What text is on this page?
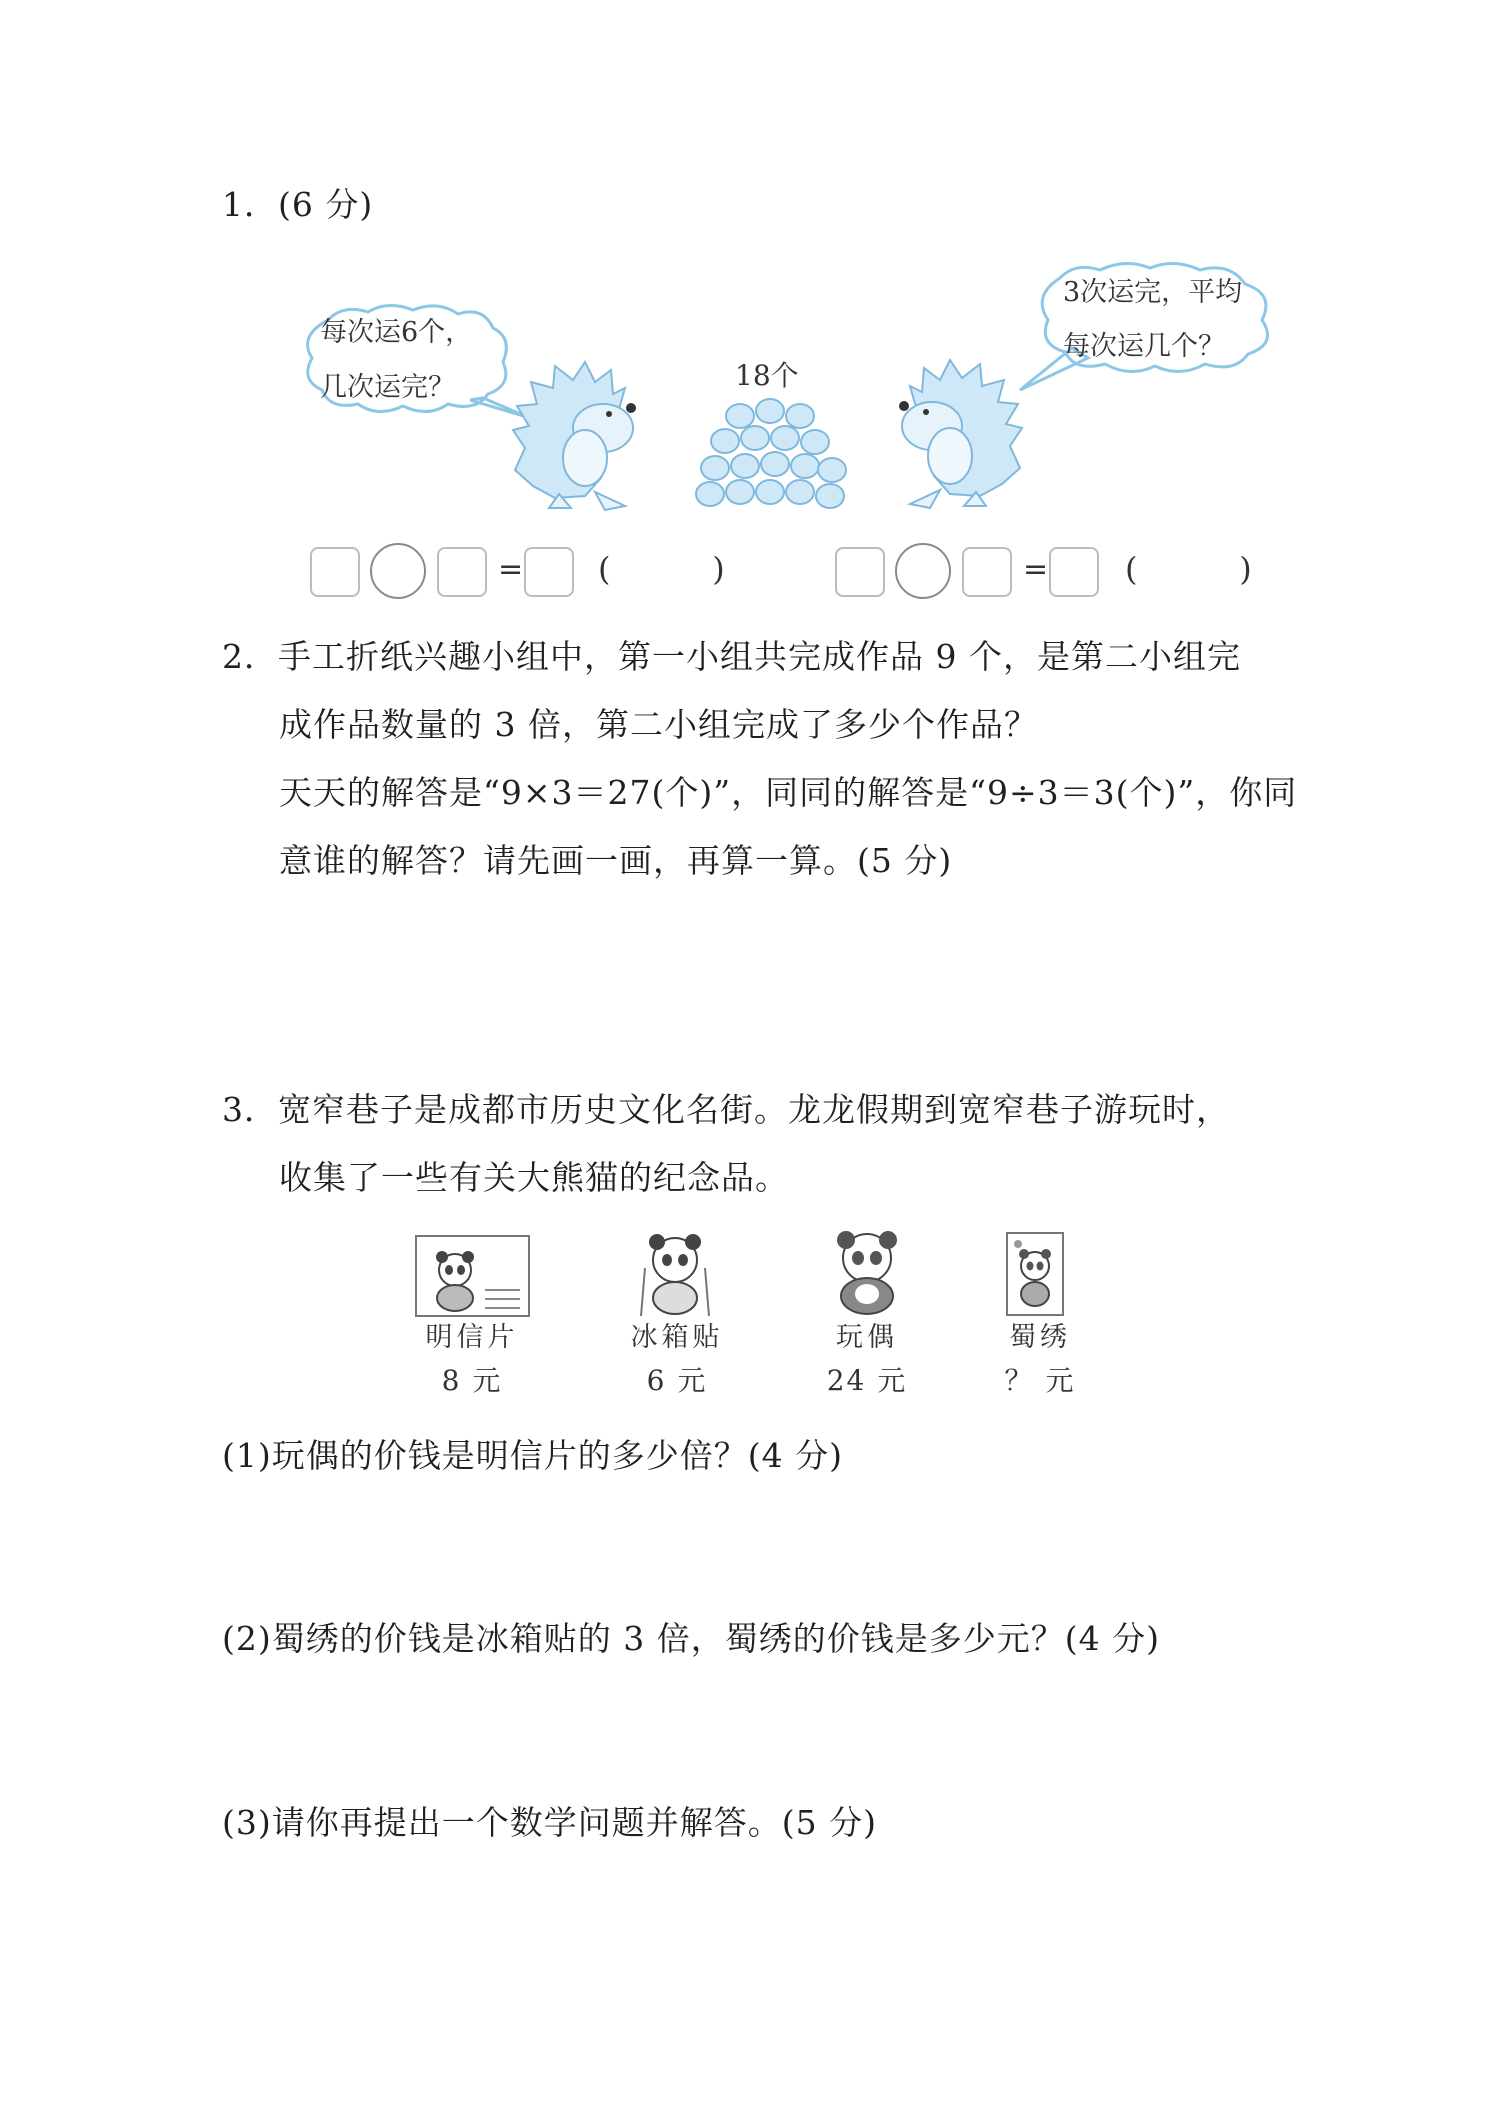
1．(6 分)
每次运6个，
几次运完？
3次运完，平均
每次运几个？
18个
= (          )	= (          )
2．手工折纸兴趣小组中，第一小组共完成作品 9 个，是第二小组完
成作品数量的 3 倍，第二小组完成了多少个作品？
天天的解答是“9×3＝27(个)”，同同的解答是“9÷3＝3(个)”，你同
意谁的解答？请先画一画，再算一算。(5 分)
3．宽窄巷子是成都市历史文化名街。龙龙假期到宽窄巷子游玩时，
收集了一些有关大熊猫的纪念品。
明信片	冰箱贴	玩偶	蜀绣
8 元	6 元	24 元	？ 元
(1)玩偶的价钱是明信片的多少倍？(4 分)
(2)蜀绣的价钱是冰箱贴的 3 倍，蜀绣的价钱是多少元？(4 分)
(3)请你再提出一个数学问题并解答。(5 分)
